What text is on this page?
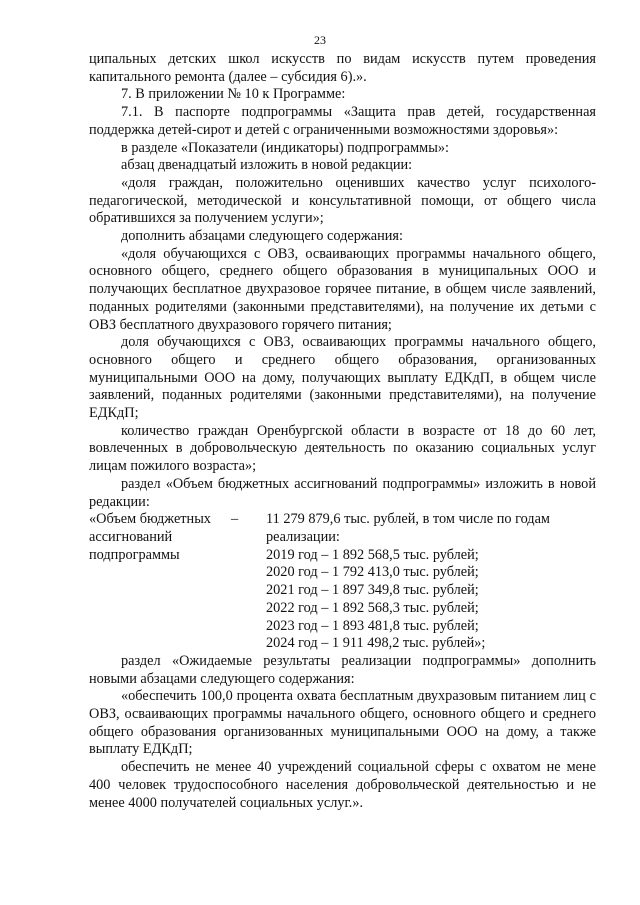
23

ципальных детских школ искусств по видам искусств путем проведения капитального ремонта (далее – субсидия 6).».

7. В приложении № 10 к Программе:

7.1. В паспорте подпрограммы «Защита прав детей, государственная поддержка детей-сирот и детей с ограниченными возможностями здоровья»:

в разделе «Показатели (индикаторы) подпрограммы»:

абзац двенадцатый изложить в новой редакции:

«доля граждан, положительно оценивших качество услуг психолого-педагогической, методической и консультативной помощи, от общего числа обратившихся за получением услуги»;

дополнить абзацами следующего содержания:

«доля обучающихся с ОВЗ, осваивающих программы начального общего, основного общего, среднего общего образования в муниципальных ООО и получающих бесплатное двухразовое горячее питание, в общем числе заявлений, поданных родителями (законными представителями), на получение их детьми с ОВЗ бесплатного двухразового горячего питания;

доля обучающихся с ОВЗ, осваивающих программы начального общего, основного общего и среднего общего образования, организованных муниципальными ООО на дому, получающих выплату ЕДКдП, в общем числе заявлений, поданных родителями (законными представителями), на получение ЕДКдП;

количество граждан Оренбургской области в возрасте от 18 до 60 лет, вовлеченных в добровольческую деятельность по оказанию социальных услуг лицам пожилого возраста»;

раздел «Объем бюджетных ассигнований подпрограммы» изложить в новой редакции:

«Объем бюджетных ассигнований подпрограммы
–	11 279 879,6 тыс. рублей, в том числе по годам реализации:
2019 год – 1 892 568,5 тыс. рублей;
2020 год – 1 792 413,0 тыс. рублей;
2021 год – 1 897 349,8 тыс. рублей;
2022 год – 1 892 568,3 тыс. рублей;
2023 год – 1 893 481,8 тыс. рублей;
2024 год – 1 911 498,2 тыс. рублей»;

раздел «Ожидаемые результаты реализации подпрограммы» дополнить новыми абзацами следующего содержания:

«обеспечить 100,0 процента охвата бесплатным двухразовым питанием лиц с ОВЗ, осваивающих программы начального общего, основного общего и среднего общего образования организованных муниципальными ООО на дому, а также выплату ЕДКдП;

обеспечить не менее 40 учреждений социальной сферы с охватом не мене 400 человек трудоспособного населения добровольческой деятельностью и не менее 4000 получателей социальных услуг.».
